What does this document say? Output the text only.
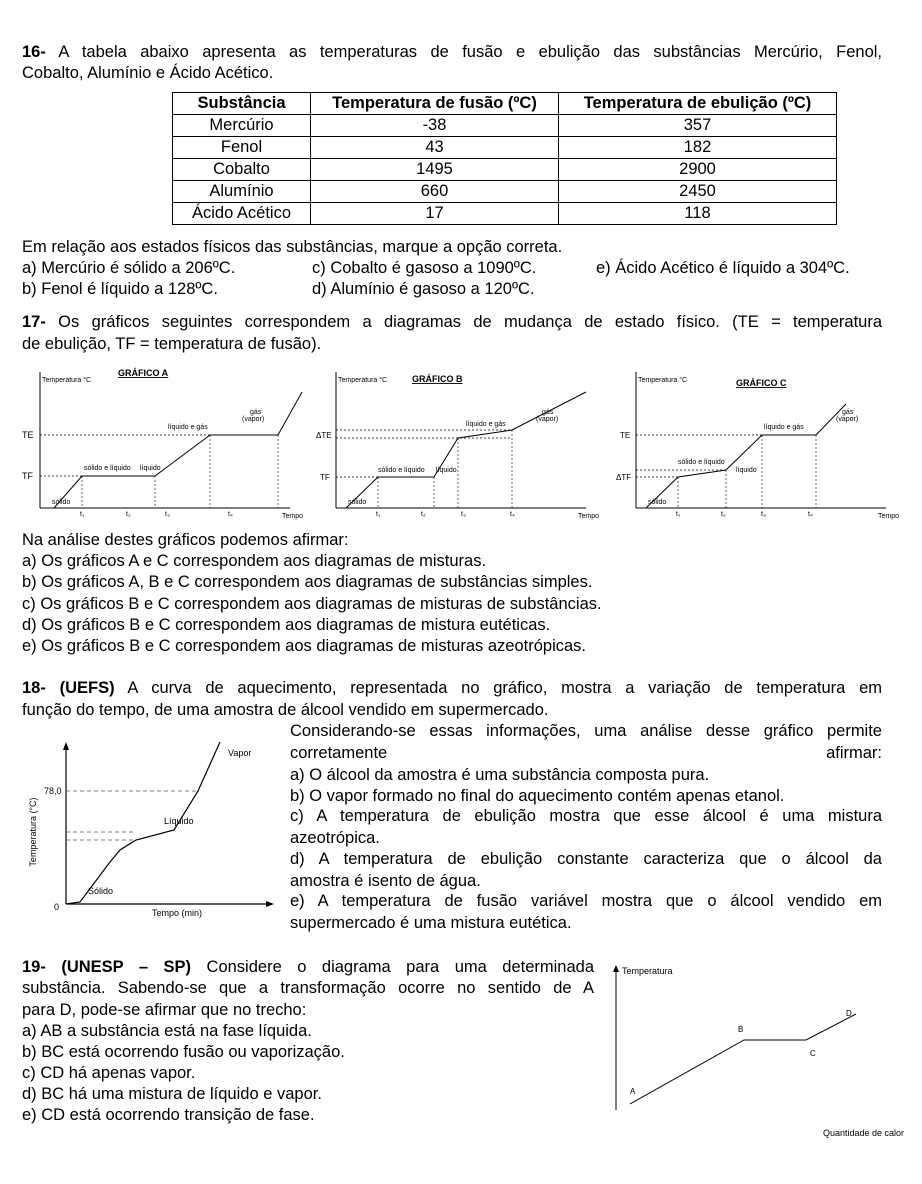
16- A tabela abaixo apresenta as temperaturas de fusão e ebulição das substâncias Mercúrio, Fenol,
Cobalto, Alumínio e Ácido Acético.
Substância	Temperatura de fusão (ºC)	Temperatura de ebulição (ºC)
Mercúrio	-38	357
Fenol	43	182
Cobalto	1495	2900
Alumínio	660	2450
Ácido Acético	17	118
Em relação aos estados físicos das substâncias, marque a opção correta.
a) Mercúrio é sólido a 206ºC.	c) Cobalto é gasoso a 1090ºC.	e) Ácido Acético é líquido a 304ºC.
b) Fenol é líquido a 128ºC.	d) Alumínio é gasoso a 120ºC.
17- Os gráficos seguintes correspondem a diagramas de mudança de estado físico. (TE = temperatura
de ebulição, TF = temperatura de fusão).
Temperatura °C
GRÁFICO A
TE
TF
sólido
sólido e líquido líquido
líquido e gás
gás
(vapor)
t₁	t₂	t₃	t₄	Tempo
Temperatura °C	GRÁFICO B
ΔTE
TF
sólido
sólido e líquido líquido
líquido e gás
gás
(vapor)
t₁	t₂	t₃	t₄	Tempo
Temperatura °C	GRÁFICO C
TE
ΔTF
sólido
sólido e líquido
líquido
líquido e gás
gás
(vapor)
t₁	t₂	t₃	t₄	Tempo
Na análise destes gráficos podemos afirmar:
a) Os gráficos A e C correspondem aos diagramas de misturas.
b) Os gráficos A, B e C correspondem aos diagramas de substâncias simples.
c) Os gráficos B e C correspondem aos diagramas de misturas de substâncias.
d) Os gráficos B e C correspondem aos diagramas de mistura eutéticas.
e) Os gráficos B e C correspondem aos diagramas de misturas azeotrópicas.
18- (UEFS) A curva de aquecimento, representada no gráfico, mostra a variação de temperatura em
função do tempo, de uma amostra de álcool vendido em supermercado.
Temperatura (°C)
78,0
0
Tempo (min)
Vapor
Líquido
Sólido
Considerando-se essas informações, uma análise desse gráfico permite
corretamente	afirmar:
a) O álcool da amostra é uma substância composta pura.
b) O vapor formado no final do aquecimento contém apenas etanol.
c) A temperatura de ebulição mostra que esse álcool é uma mistura
azeotrópica.
d) A temperatura de ebulição constante caracteriza que o álcool da
amostra é isento de água.
e) A temperatura de fusão variável mostra que o álcool vendido em
supermercado é uma mistura eutética.
19- (UNESP – SP) Considere o diagrama para uma determinada
substância. Sabendo-se que a transformação ocorre no sentido de A
para D, pode-se afirmar que no trecho:
a) AB a substância está na fase líquida.
b) BC está ocorrendo fusão ou vaporização.
c) CD há apenas vapor.
d) BC há uma mistura de líquido e vapor.
e) CD está ocorrendo transição de fase.
Temperatura
A
B
C
D
Quantidade de calor
